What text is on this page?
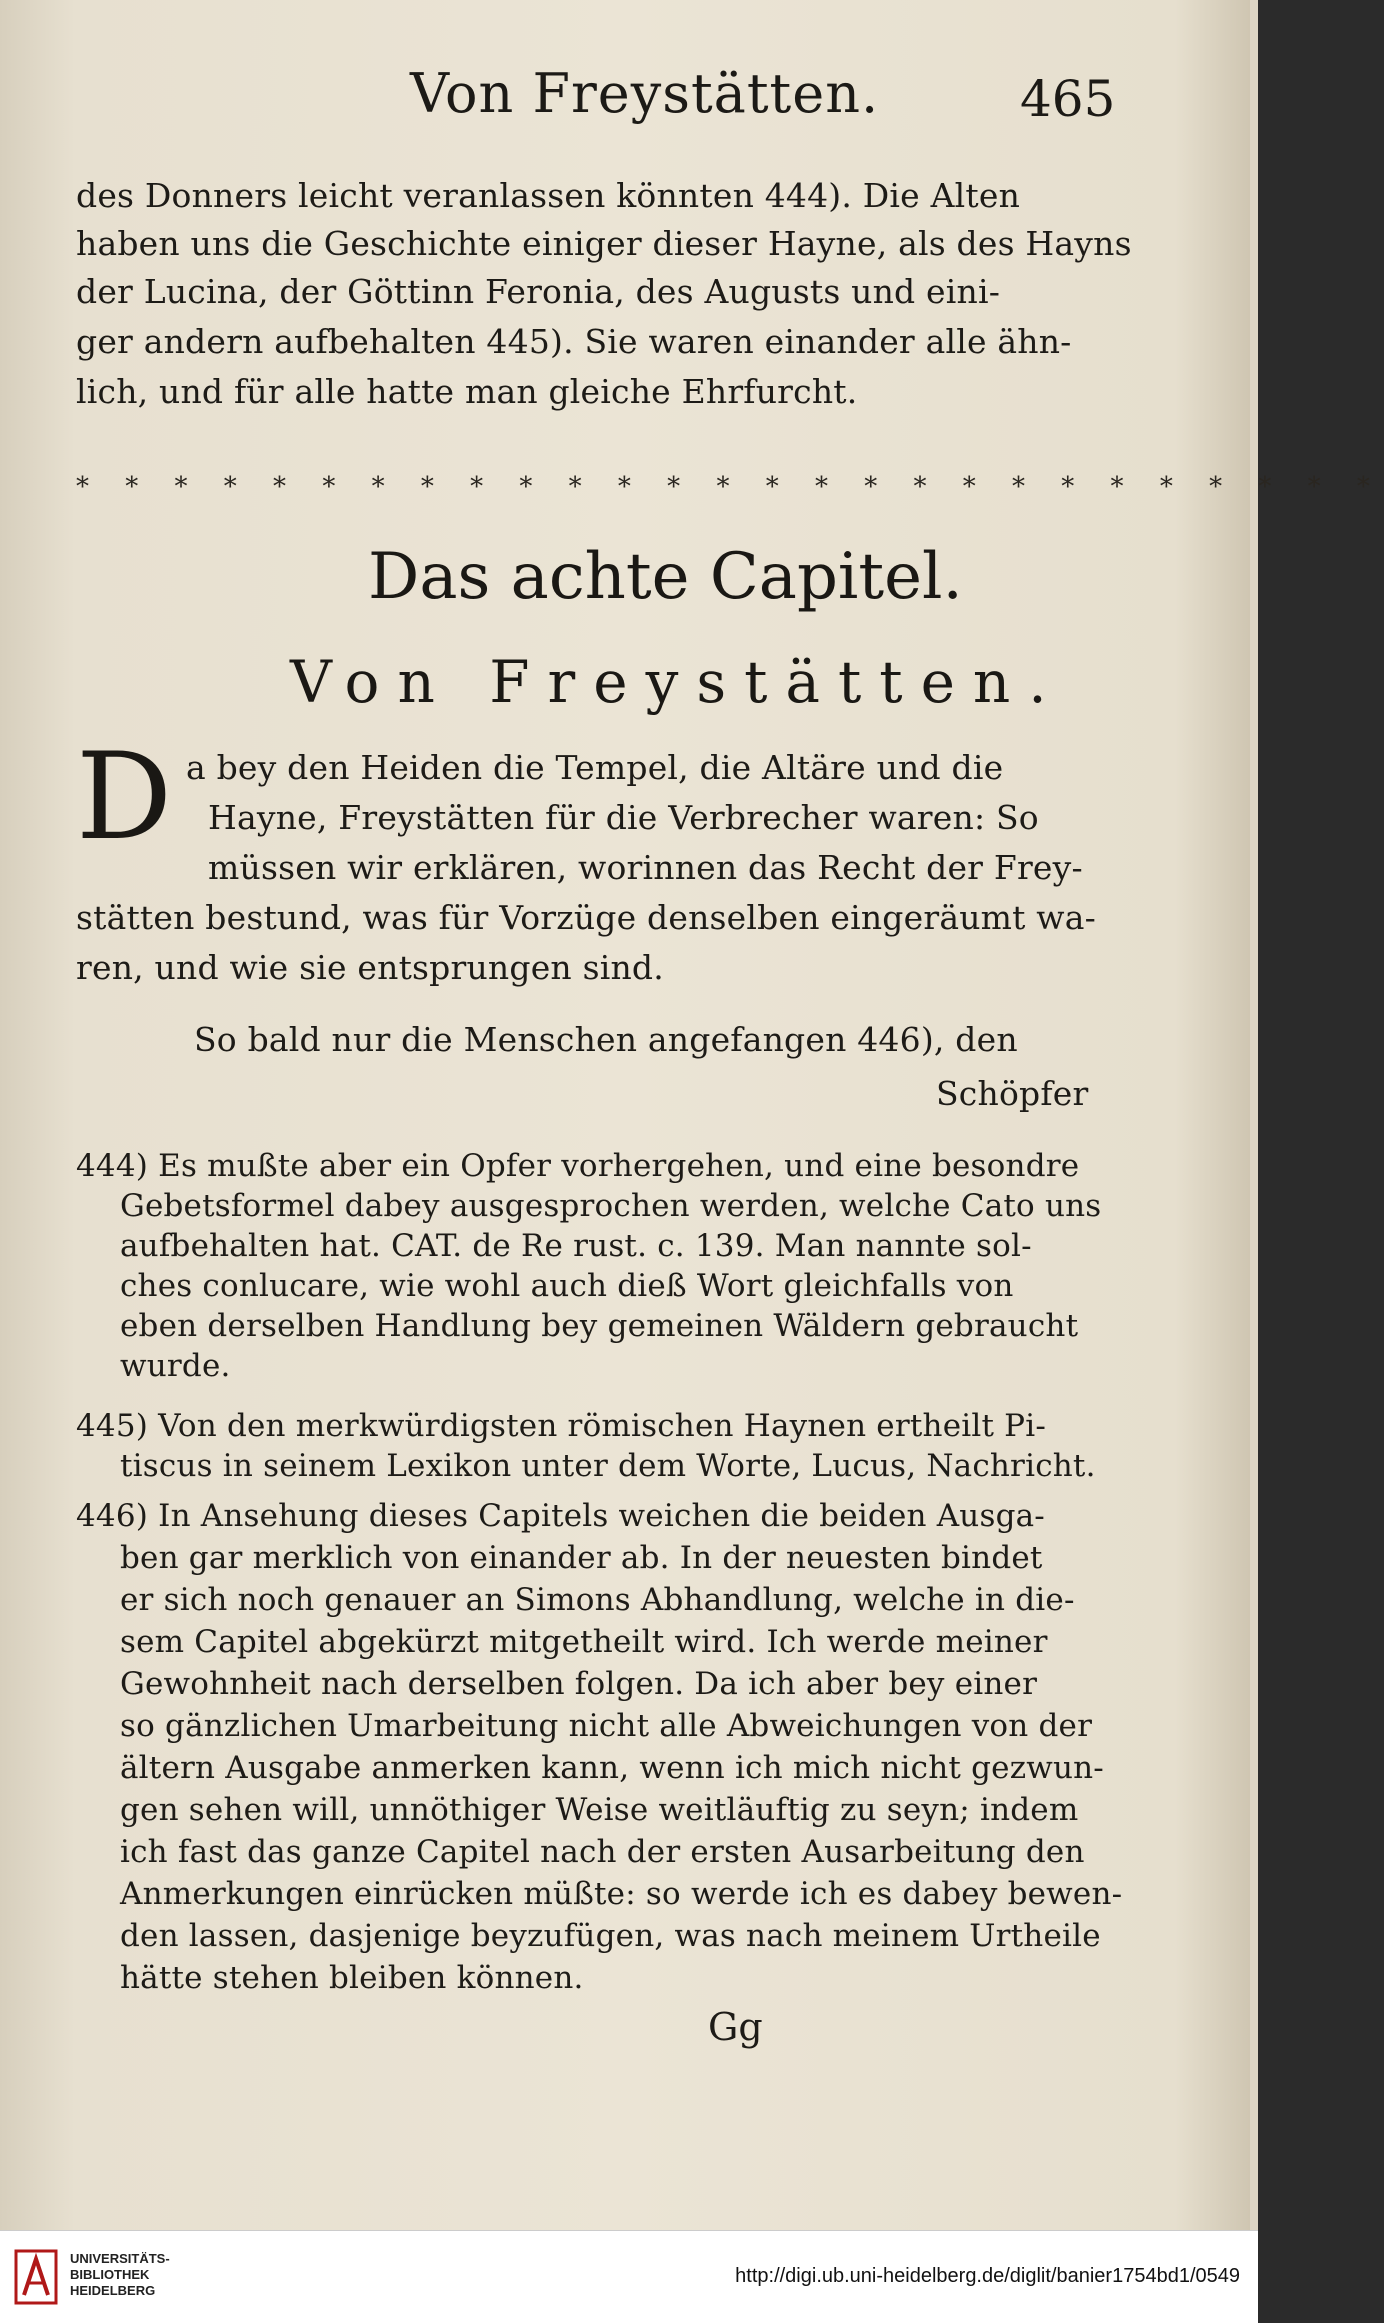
Von Freystätten.	465
des Donners leicht veranlassen könnten 444). Die Alten
haben uns die Geschichte einiger dieser Hayne, als des Hayns
der Lucina, der Göttinn Feronia, des Augusts und eini-
ger andern aufbehalten 445). Sie waren einander alle ähn-
lich, und für alle hatte man gleiche Ehrfurcht.
* * * * * * * * * * * * * * * * * * * * * * * * * * *
Das achte Capitel.
Von Freystätten.
D a bey den Heiden die Tempel, die Altäre und die
Hayne, Freystätten für die Verbrecher waren: So
müssen wir erklären, worinnen das Recht der Frey-
stätten bestund, was für Vorzüge denselben eingeräumt wa-
ren, und wie sie entsprungen sind.
So bald nur die Menschen angefangen 446), den
Schöpfer
444) Es mußte aber ein Opfer vorhergehen, und eine besondre
Gebetsformel dabey ausgesprochen werden, welche Cato uns
aufbehalten hat. CAT. de Re rust. c. 139. Man nannte sol-
ches conlucare, wie wohl auch dieß Wort gleichfalls von
eben derselben Handlung bey gemeinen Wäldern gebraucht
wurde.
445) Von den merkwürdigsten römischen Haynen ertheilt Pi-
tiscus in seinem Lexikon unter dem Worte, Lucus, Nachricht.
446) In Ansehung dieses Capitels weichen die beiden Ausga-
ben gar merklich von einander ab. In der neuesten bindet
er sich noch genauer an Simons Abhandlung, welche in die-
sem Capitel abgekürzt mitgetheilt wird. Ich werde meiner
Gewohnheit nach derselben folgen. Da ich aber bey einer
so gänzlichen Umarbeitung nicht alle Abweichungen von der
ältern Ausgabe anmerken kann, wenn ich mich nicht gezwun-
gen sehen will, unnöthiger Weise weitläuftig zu seyn; indem
ich fast das ganze Capitel nach der ersten Ausarbeitung den
Anmerkungen einrücken müßte: so werde ich es dabey bewen-
den lassen, dasjenige beyzufügen, was nach meinem Urtheile
hätte stehen bleiben können.
Gg
UNIVERSITÄTS-
BIBLIOTHEK
HEIDELBERG
http://digi.ub.uni-heidelberg.de/diglit/banier1754bd1/0549
